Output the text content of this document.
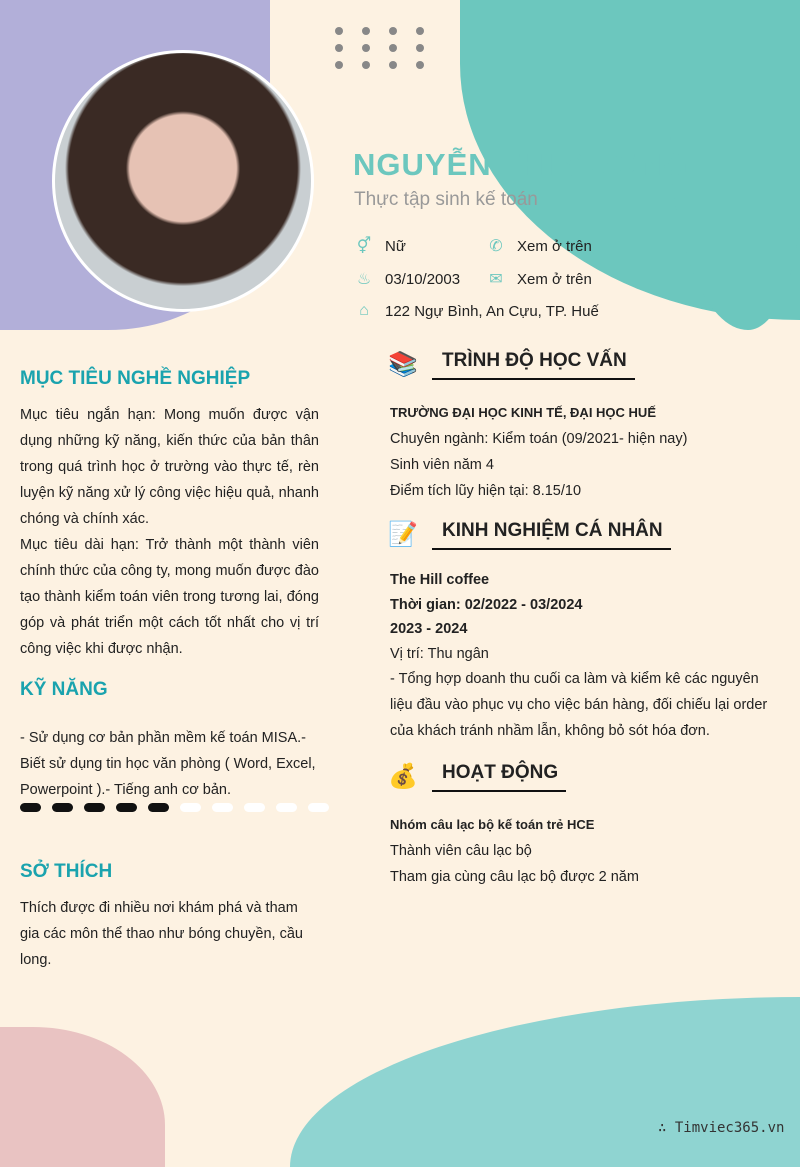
NGUYỄN THỊ SƯƠNG
Thực tập sinh kế toán
⚥ Nữ	✆ Xem ở trên
♨ 03/10/2003 ✉ Xem ở trên
⌂ 122 Ngự Bình, An Cựu, TP. Huế
MỤC TIÊU NGHỀ NGHIỆP

Mục tiêu ngắn hạn: Mong muốn được vận dụng những kỹ năng, kiến thức của bản thân trong quá trình học ở trường vào thực tế, rèn luyện kỹ năng xử lý công việc hiệu quả, nhanh chóng và chính xác.

Mục tiêu dài hạn: Trở thành một thành viên chính thức của công ty, mong muốn được đào tạo thành kiểm toán viên trong tương lai, đóng góp và phát triển một cách tốt nhất cho vị trí công việc khi được nhận.

KỸ NĂNG
- Sử dụng cơ bản phần mềm kế toán MISA.- Biết sử dụng tin học văn phòng ( Word, Excel, Powerpoint ).- Tiếng anh cơ bản.
SỞ THÍCH
Thích được đi nhiều nơi khám phá và tham gia các môn thể thao như bóng chuyền, cầu long.
📚	TRÌNH ĐỘ HỌC VẤN
TRƯỜNG ĐẠI HỌC KINH TẾ, ĐẠI HỌC HUẾ
Chuyên ngành: Kiểm toán (09/2021- hiện nay)
Sinh viên năm 4
Điểm tích lũy hiện tại: 8.15/10
📝	KINH NGHIỆM CÁ NHÂN
The Hill coffee
Thời gian: 02/2022 - 03/2024
2023 - 2024
Vị trí: Thu ngân
- Tổng hợp doanh thu cuối ca làm và kiểm kê các nguyên liệu đầu vào phục vụ cho việc bán hàng, đối chiếu lại order của khách tránh nhầm lẫn, không bỏ sót hóa đơn.
💰	HOẠT ĐỘNG
Nhóm câu lạc bộ kế toán trẻ HCE
Thành viên câu lạc bộ
Tham gia cùng câu lạc bộ được 2 năm
∴ Timviec365.vn
